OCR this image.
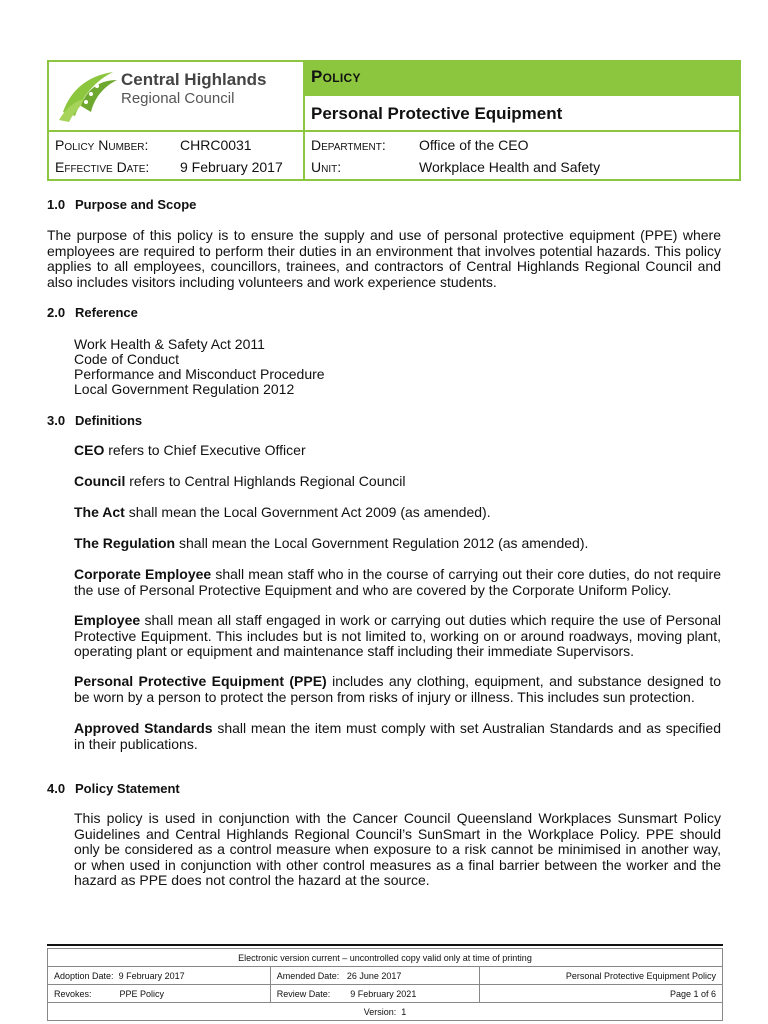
Central Highlands
Regional Council
Policy
Personal Protective Equipment
Policy Number: CHRC0031
Effective Date: 9 February 2017
Department: Office of the CEO
Unit:	Workplace Health and Safety
1.0 Purpose and Scope
The purpose of this policy is to ensure the supply and use of personal protective equipment (PPE) where employees are required to perform their duties in an environment that involves potential hazards. This policy applies to all employees, councillors, trainees, and contractors of Central Highlands Regional Council and also includes visitors including volunteers and work experience students.
2.0 Reference
Work Health & Safety Act 2011
Code of Conduct
Performance and Misconduct Procedure
Local Government Regulation 2012
3.0 Definitions
CEO refers to Chief Executive Officer
Council refers to Central Highlands Regional Council
The Act shall mean the Local Government Act 2009 (as amended).
The Regulation shall mean the Local Government Regulation 2012 (as amended).
Corporate Employee shall mean staff who in the course of carrying out their core duties, do not require the use of Personal Protective Equipment and who are covered by the Corporate Uniform Policy.
Employee shall mean all staff engaged in work or carrying out duties which require the use of Personal Protective Equipment. This includes but is not limited to, working on or around roadways, moving plant, operating plant or equipment and maintenance staff including their immediate Supervisors.
Personal Protective Equipment (PPE) includes any clothing, equipment, and substance designed to be worn by a person to protect the person from risks of injury or illness. This includes sun protection.
Approved Standards shall mean the item must comply with set Australian Standards and as specified in their publications.
4.0 Policy Statement
This policy is used in conjunction with the Cancer Council Queensland Workplaces Sunsmart Policy Guidelines and Central Highlands Regional Council’s SunSmart in the Workplace Policy. PPE should only be considered as a control measure when exposure to a risk cannot be minimised in another way, or when used in conjunction with other control measures as a final barrier between the worker and the hazard as PPE does not control the hazard at the source.
Electronic version current – uncontrolled copy valid only at time of printing		
Adoption Date: 9 February 2017	Amended Date: 26 June 2017	Personal Protective Equipment Policy
Revokes: PPE Policy	Review Date: 9 February 2021	Page 1 of 6
Version: 1		
